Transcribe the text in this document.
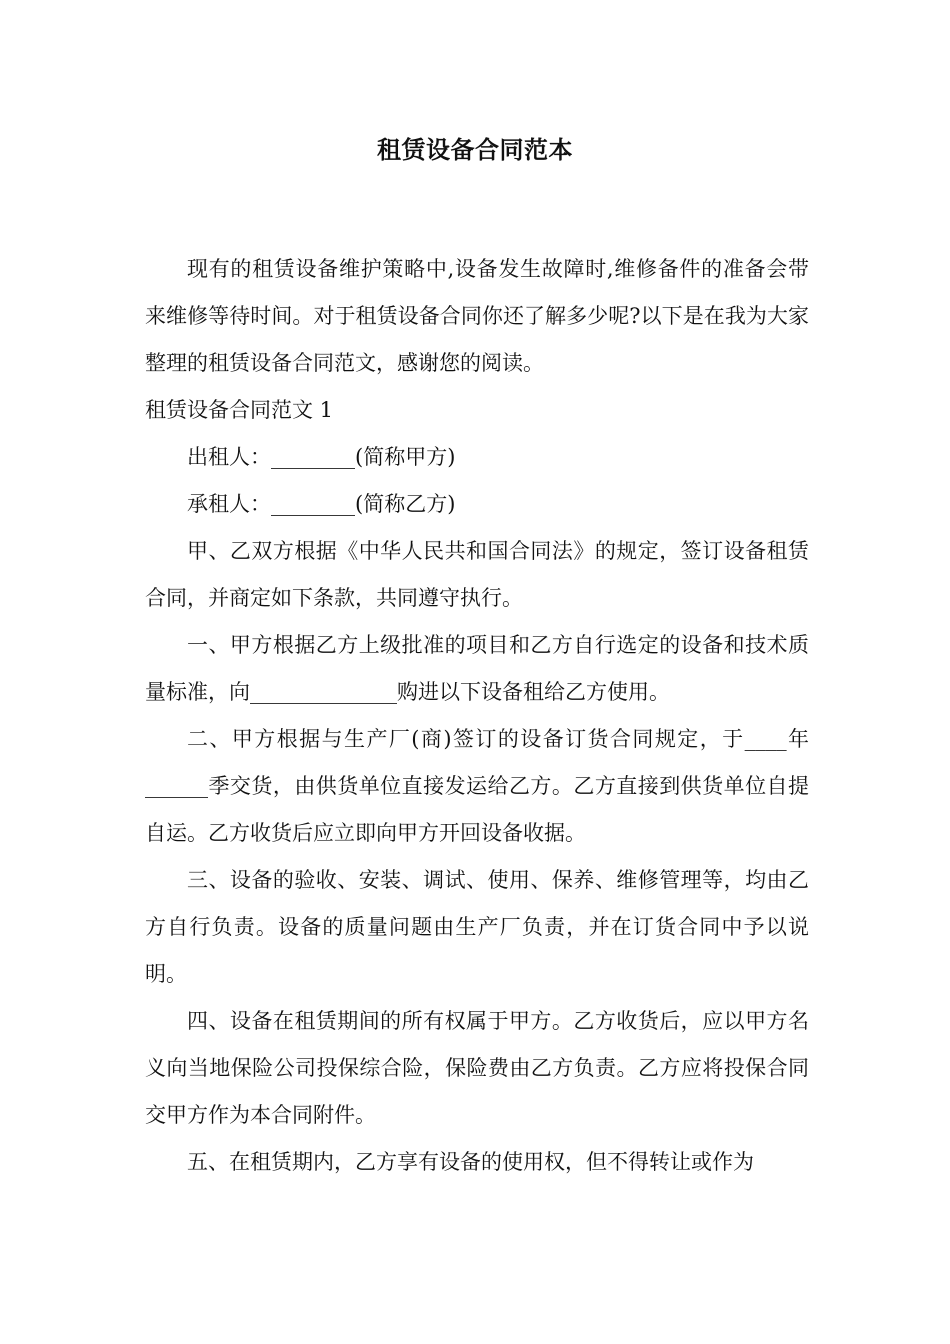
租赁设备合同范本

现有的租赁设备维护策略中,设备发生故障时,维修备件的准备会带来维修等待时间。对于租赁设备合同你还了解多少呢?以下是在我为大家整理的租赁设备合同范文，感谢您的阅读。

租赁设备合同范文 1

出租人：________(简称甲方)

承租人：________(简称乙方)

甲、乙双方根据《中华人民共和国合同法》的规定，签订设备租赁合同，并商定如下条款，共同遵守执行。

一、甲方根据乙方上级批准的项目和乙方自行选定的设备和技术质量标准，向______________购进以下设备租给乙方使用。

二、甲方根据与生产厂(商)签订的设备订货合同规定，于____年______季交货，由供货单位直接发运给乙方。乙方直接到供货单位自提自运。乙方收货后应立即向甲方开回设备收据。

三、设备的验收、安装、调试、使用、保养、维修管理等，均由乙方自行负责。设备的质量问题由生产厂负责，并在订货合同中予以说明。

四、设备在租赁期间的所有权属于甲方。乙方收货后，应以甲方名义向当地保险公司投保综合险，保险费由乙方负责。乙方应将投保合同交甲方作为本合同附件。

五、在租赁期内，乙方享有设备的使用权，但不得转让或作为
